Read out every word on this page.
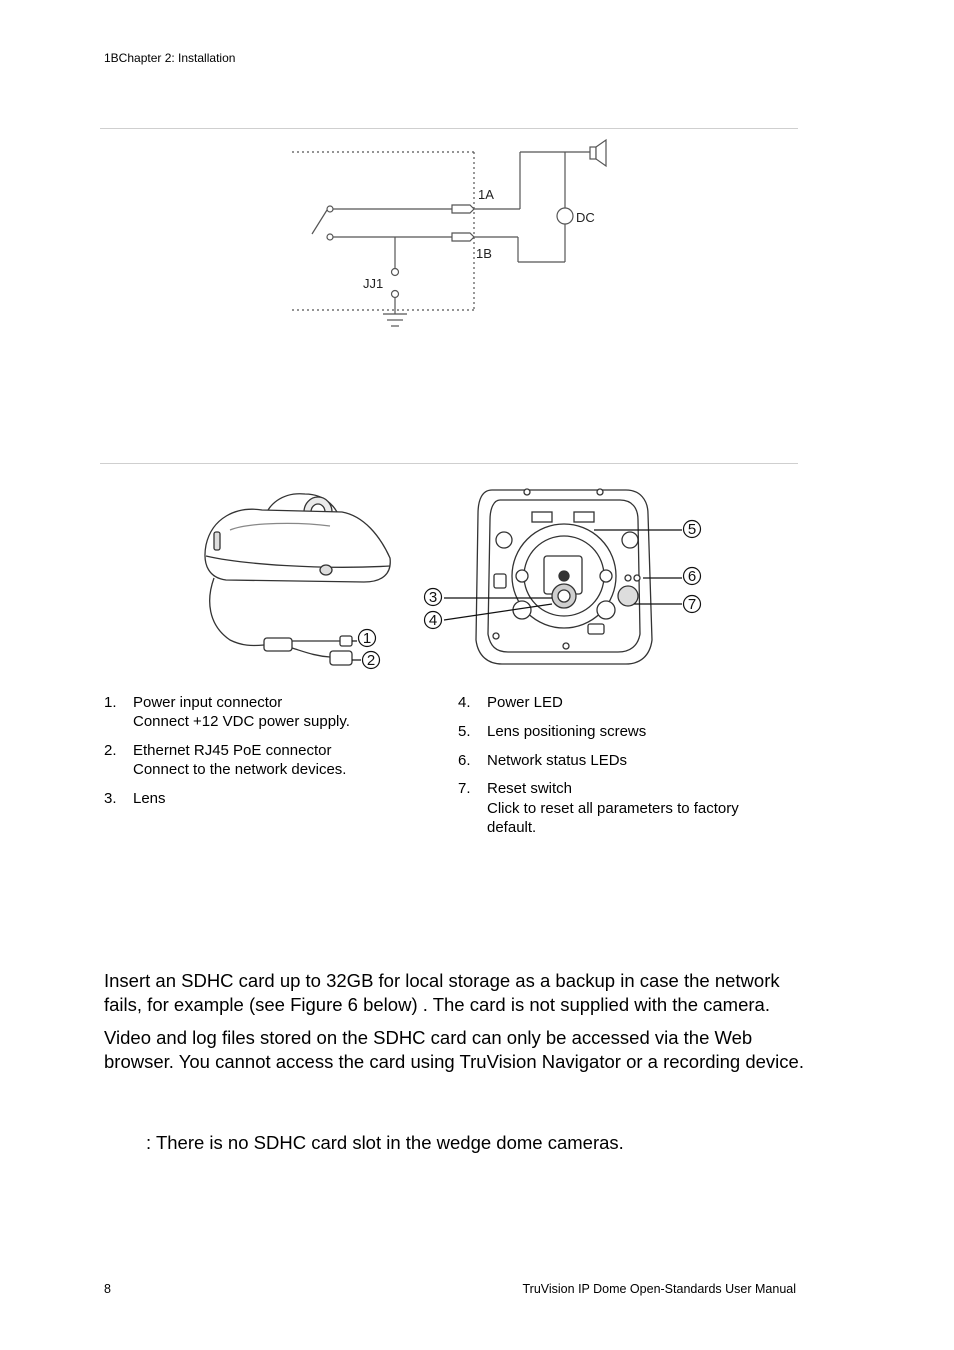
1BChapter 2: Installation
1A
1B
DC
JJ1
1
2
3
4
5
6
7
1. Power input connector
Connect +12 VDC power supply.
2. Ethernet RJ45 PoE connector
Connect to the network devices.
3. Lens
4. Power LED
5. Lens positioning screws
6. Network status LEDs
7. Reset switch
Click to reset all parameters to factory
default.

Insert an SDHC card up to 32GB for local storage as a backup in case the network fails, for example (see Figure 6 below) . The card is not supplied with the camera.

Video and log files stored on the SDHC card can only be accessed via the Web browser. You cannot access the card using TruVision Navigator or a recording device.

: There is no SDHC card slot in the wedge dome cameras.
8	TruVision IP Dome Open-Standards User Manual
